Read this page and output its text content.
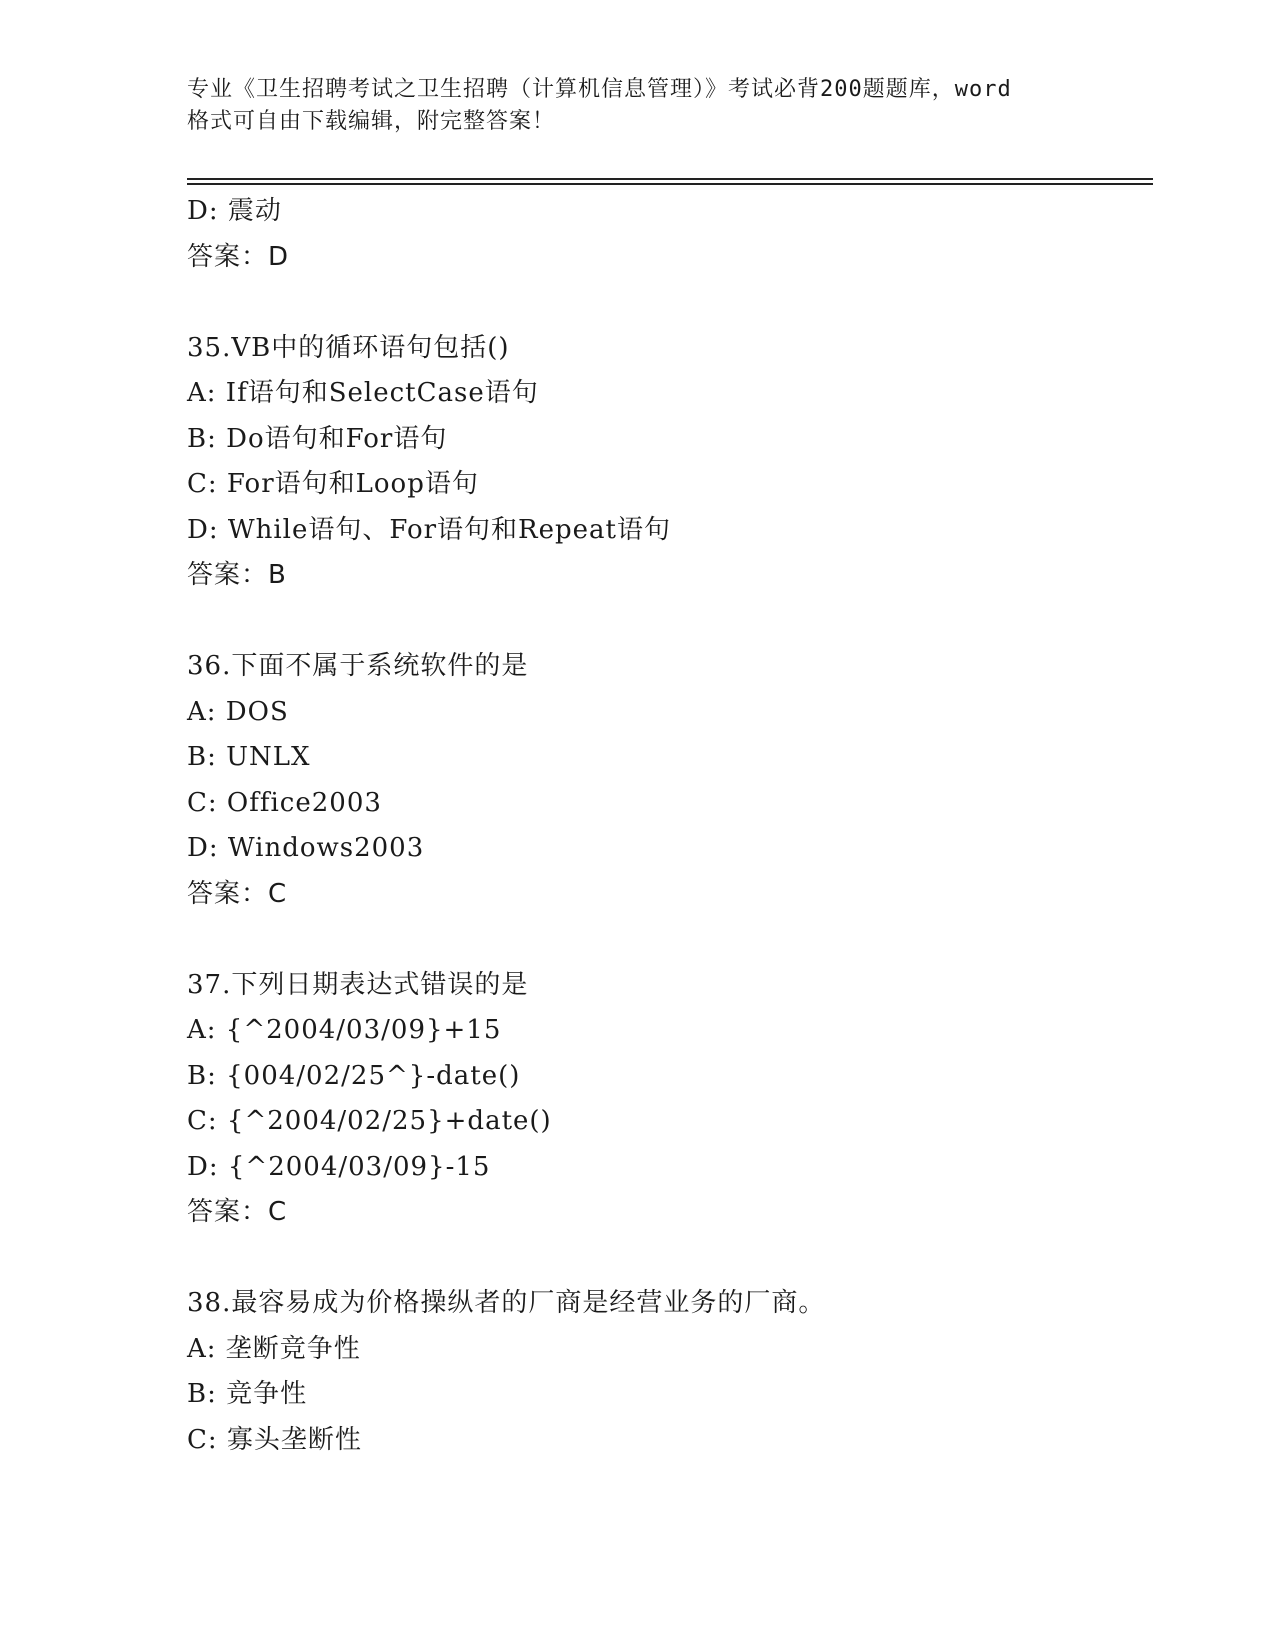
专业《卫生招聘考试之卫生招聘（计算机信息管理）》考试必背200题题库，word
格式可自由下载编辑，附完整答案！
D: 震动
答案：D
35.VB中的循环语句包括()
A: If语句和SelectCase语句
B: Do语句和For语句
C: For语句和Loop语句
D: While语句、For语句和Repeat语句
答案：B
36.下面不属于系统软件的是
A: DOS
B: UNLX
C: Office2003
D: Windows2003
答案：C
37.下列日期表达式错误的是
A: {^2004/03/09}+15
B: {004/02/25^}-date()
C: {^2004/02/25}+date()
D: {^2004/03/09}-15
答案：C
38.最容易成为价格操纵者的厂商是经营业务的厂商。
A: 垄断竞争性
B: 竞争性
C: 寡头垄断性
